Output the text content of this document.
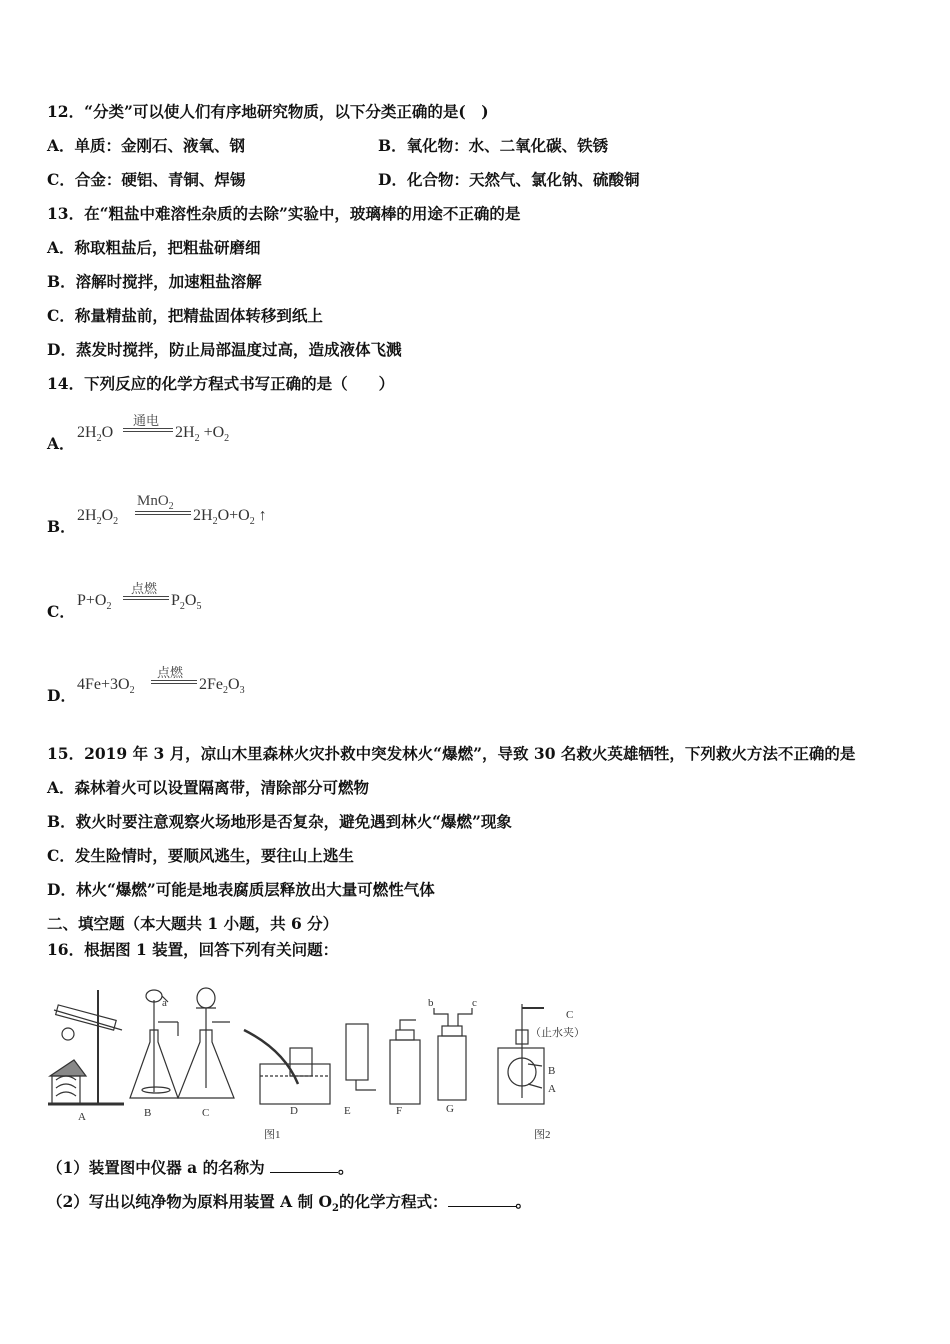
12．“分类”可以使人们有序地研究物质，以下分类正确的是(　)
A．单质：金刚石、液氧、钢	B．氧化物：水、二氧化碳、铁锈
C．合金：硬铝、青铜、焊锡	D．化合物：天然气、氯化钠、硫酸铜
13．在“粗盐中难溶性杂质的去除”实验中，玻璃棒的用途不正确的是
A．称取粗盐后，把粗盐研磨细
B．溶解时搅拌，加速粗盐溶解
C．称量精盐前，把精盐固体转移到纸上
D．蒸发时搅拌，防止局部温度过高，造成液体飞溅
14．下列反应的化学方程式书写正确的是（　　）
A．
$2H_2O$
通电
$2H_2 +O_2$
B．
$2H_2O_2$
MnO$_2$
$2H_2O+O_2$ ↑
C．
$P+O_2$
点燃
$P_2O_5$
D．
$4Fe+3O_2$
点燃
$2Fe_2O_3$
15．2019 年 3 月，凉山木里森林火灾扑救中突发林火“爆燃”，导致 30 名救火英雄牺牲，下列救火方法不正确的是
A．森林着火可以设置隔离带，清除部分可燃物
B．救火时要注意观察火场地形是否复杂，避免遇到林火“爆燃”现象
C．发生险情时，要顺风逃生，要往山上逃生
D．林火“爆燃”可能是地表腐质层释放出大量可燃性气体
二、填空题（本大题共 1 小题，共 6 分）
16．根据图 1 装置，回答下列有关问题：
a
A	B	C	D	E	F	G
b	c
图1	图2
C
（止水夹）
B
A
（1）装置图中仪器 a 的名称为	。
（2）写出以纯净物为原料用装置 A 制 $O_2$的化学方程式：	。
